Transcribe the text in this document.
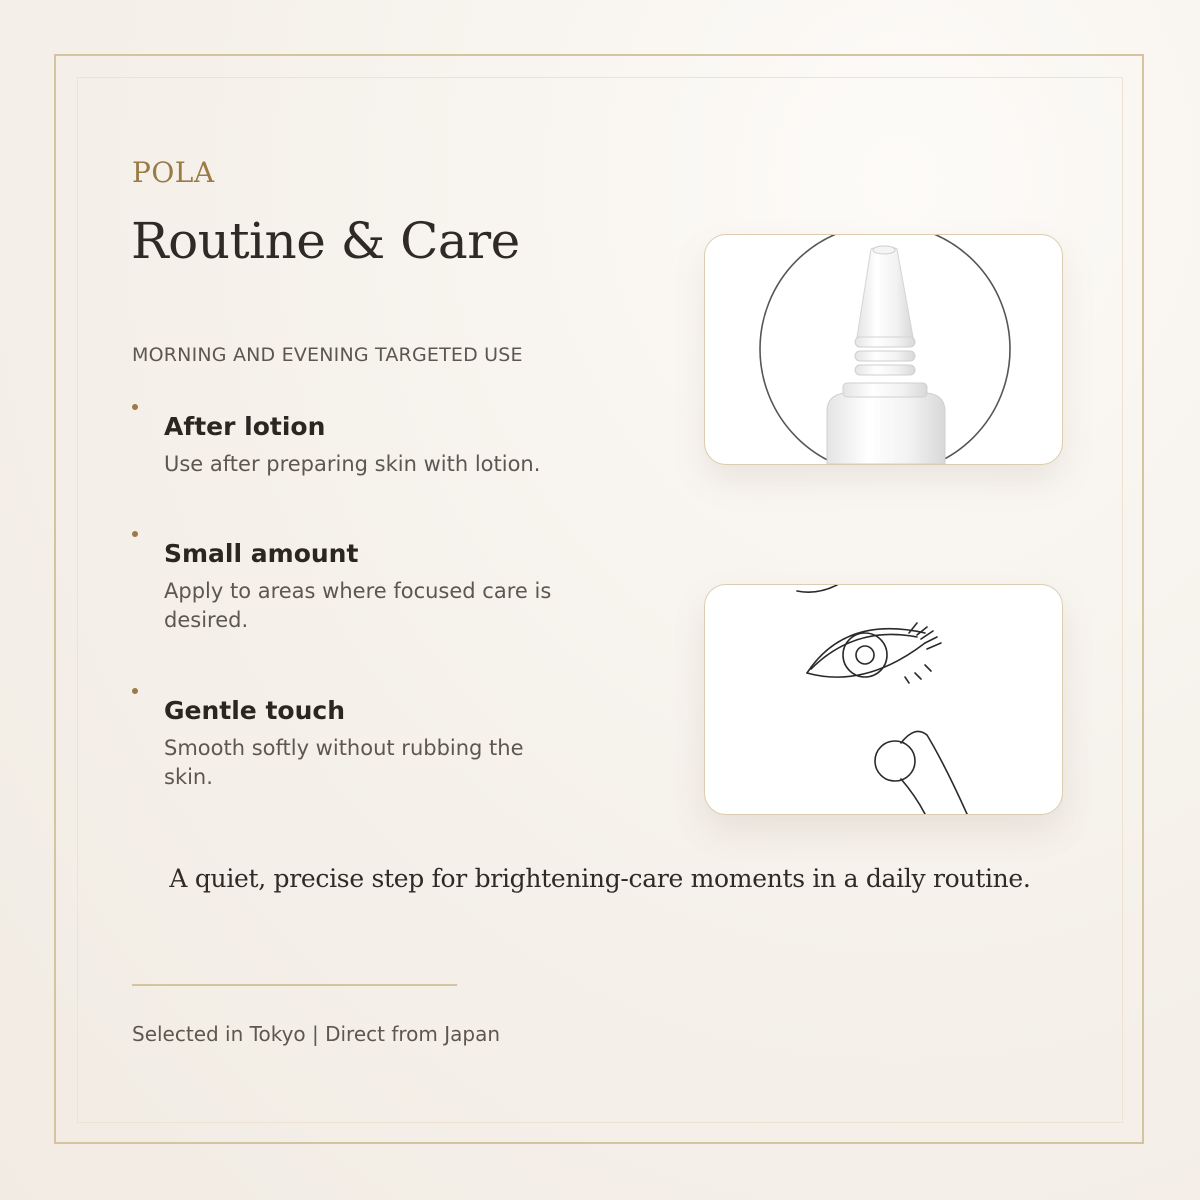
POLA
Routine & Care
MORNING AND EVENING TARGETED USE
After lotion
Use after preparing skin with lotion.
Small amount
Apply to areas where focused care is desired.
Gentle touch
Smooth softly without rubbing the skin.
A quiet, precise step for brightening-care moments in a daily routine.
Selected in Tokyo | Direct from Japan
